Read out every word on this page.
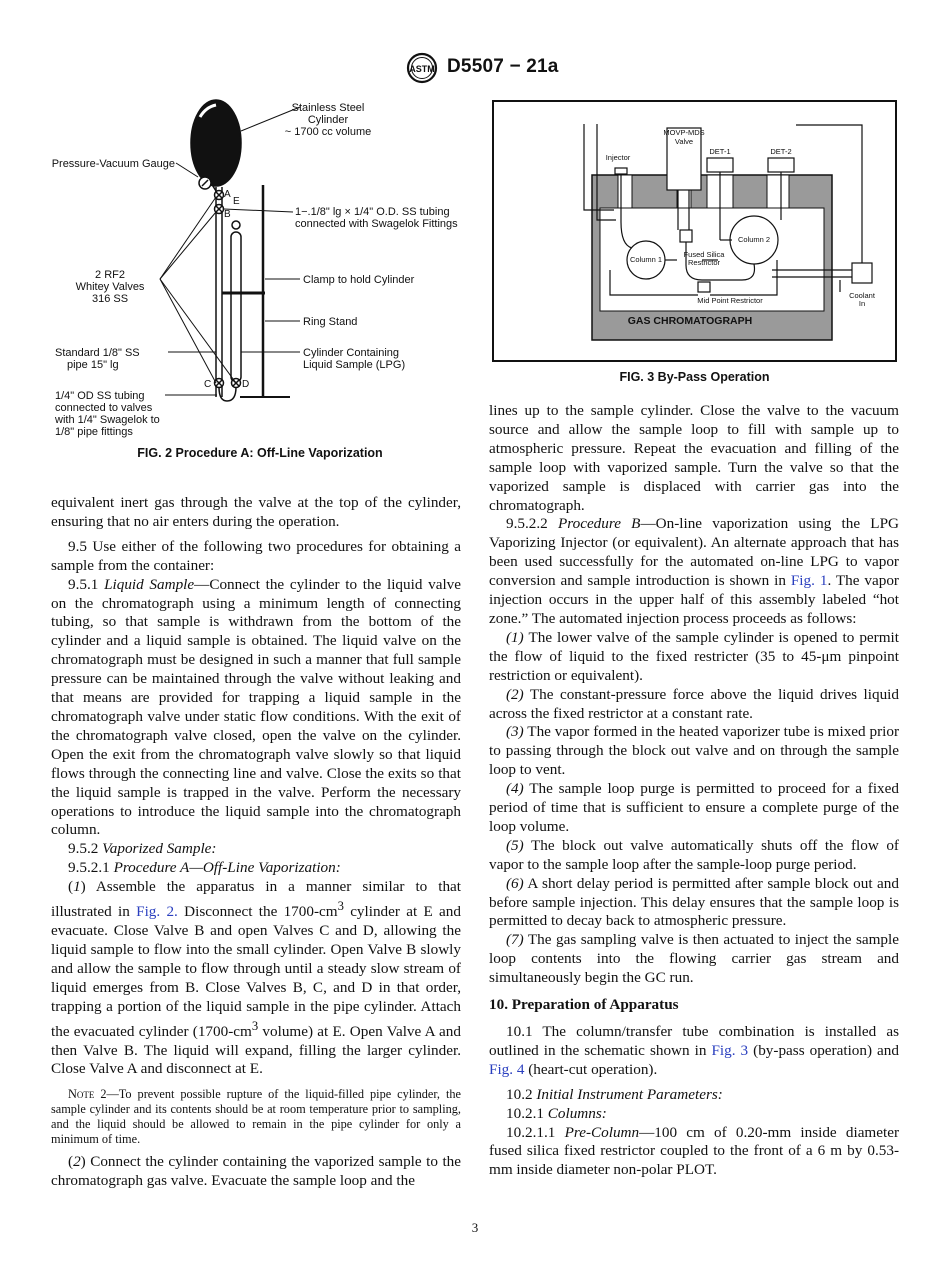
ASTM D5507 − 21a
Stainless Steel
Cylinder
~ 1700 cc volume
Pressure-Vacuum Gauge
1−.1/8" lg × 1/4" O.D. SS tubing
connected with Swagelok Fittings
2 RF2
Whitey Valves
316 SS
Clamp to hold Cylinder
Ring Stand
Standard 1/8" SS
pipe 15" lg
Cylinder Containing
Liquid Sample (LPG)
1/4" OD SS tubing
connected to valves
with 1/4" Swagelok to
1/8" pipe fittings
A
B
C	D
E
FIG. 2 Procedure A: Off-Line Vaporization
GAS CHROMATOGRAPH
MOVP-MDS
Valve
Injector
DET-1	DET-2
Column 1
Column 2
Fused Silica
Restrictor
Mid Point Restrictor
Coolant
In
FIG. 3 By-Pass Operation

equivalent inert gas through the valve at the top of the cylinder, ensuring that no air enters during the operation.

9.5 Use either of the following two procedures for obtaining a sample from the container:

9.5.1 Liquid Sample—Connect the cylinder to the liquid valve on the chromatograph using a minimum length of connecting tubing, so that sample is withdrawn from the bottom of the cylinder and a liquid sample is obtained. The liquid valve on the chromatograph must be designed in such a manner that full sample pressure can be maintained through the valve without leaking and that means are provided for trapping a liquid sample in the chromatograph valve under static flow conditions. With the exit of the chromatograph valve closed, open the valve on the cylinder. Open the exit from the chromatograph valve slowly so that liquid flows through the connecting line and valve. Close the exits so that the liquid sample is trapped in the valve. Perform the necessary operations to introduce the liquid sample into the chromatograph column.

9.5.2 Vaporized Sample:

9.5.2.1 Procedure A—Off-Line Vaporization:

(1) Assemble the apparatus in a manner similar to that illustrated in Fig. 2. Disconnect the $1700-cm^3$ cylinder at E and evacuate. Close Valve B and open Valves C and D, allowing the liquid sample to flow into the small cylinder. Open Valve B slowly and allow the sample to flow through until a steady slow stream of liquid emerges from B. Close Valves B, C, and D in that order, trapping a portion of the liquid sample in the pipe cylinder. Attach the evacuated cylinder ($1700-cm^3$ volume) at E. Open Valve A and then Valve B. The liquid will expand, filling the larger cylinder. Close Valve A and disconnect at E.

Note 2—To prevent possible rupture of the liquid-filled pipe cylinder, the sample cylinder and its contents should be at room temperature prior to sampling, and the liquid should be allowed to remain in the pipe cylinder for only a minimum of time.

(2) Connect the cylinder containing the vaporized sample to the chromatograph gas valve. Evacuate the sample loop and the

lines up to the sample cylinder. Close the valve to the vacuum source and allow the sample loop to fill with sample up to atmospheric pressure. Repeat the evacuation and filling of the sample loop with vaporized sample. Turn the valve so that the vaporized sample is displaced with carrier gas into the chromatograph.

9.5.2.2 Procedure B—On-line vaporization using the LPG Vaporizing Injector (or equivalent). An alternate approach that has been used successfully for the automated on-line LPG to vapor conversion and sample introduction is shown in Fig. 1. The vapor injection occurs in the upper half of this assembly labeled “hot zone.” The automated injection process proceeds as follows:

(1) The lower valve of the sample cylinder is opened to permit the flow of liquid to the fixed restricter (35 to 45-μm pinpoint restriction or equivalent).

(2) The constant-pressure force above the liquid drives liquid across the fixed restrictor at a constant rate.

(3) The vapor formed in the heated vaporizer tube is mixed prior to passing through the block out valve and on through the sample loop to vent.

(4) The sample loop purge is permitted to proceed for a fixed period of time that is sufficient to ensure a complete purge of the loop volume.

(5) The block out valve automatically shuts off the flow of vapor to the sample loop after the sample-loop purge period.

(6) A short delay period is permitted after sample block out and before sample injection. This delay ensures that the sample loop is permitted to decay back to atmospheric pressure.

(7) The gas sampling valve is then actuated to inject the sample loop contents into the flowing carrier gas stream and simultaneously begin the GC run.

10. Preparation of Apparatus

10.1 The column/transfer tube combination is installed as outlined in the schematic shown in Fig. 3 (by-pass operation) and Fig. 4 (heart-cut operation).

10.2 Initial Instrument Parameters:

10.2.1 Columns:

10.2.1.1 Pre-Column—100 cm of 0.20-mm inside diameter fused silica fixed restrictor coupled to the front of a 6 m by 0.53-mm inside diameter non-polar PLOT.

3
